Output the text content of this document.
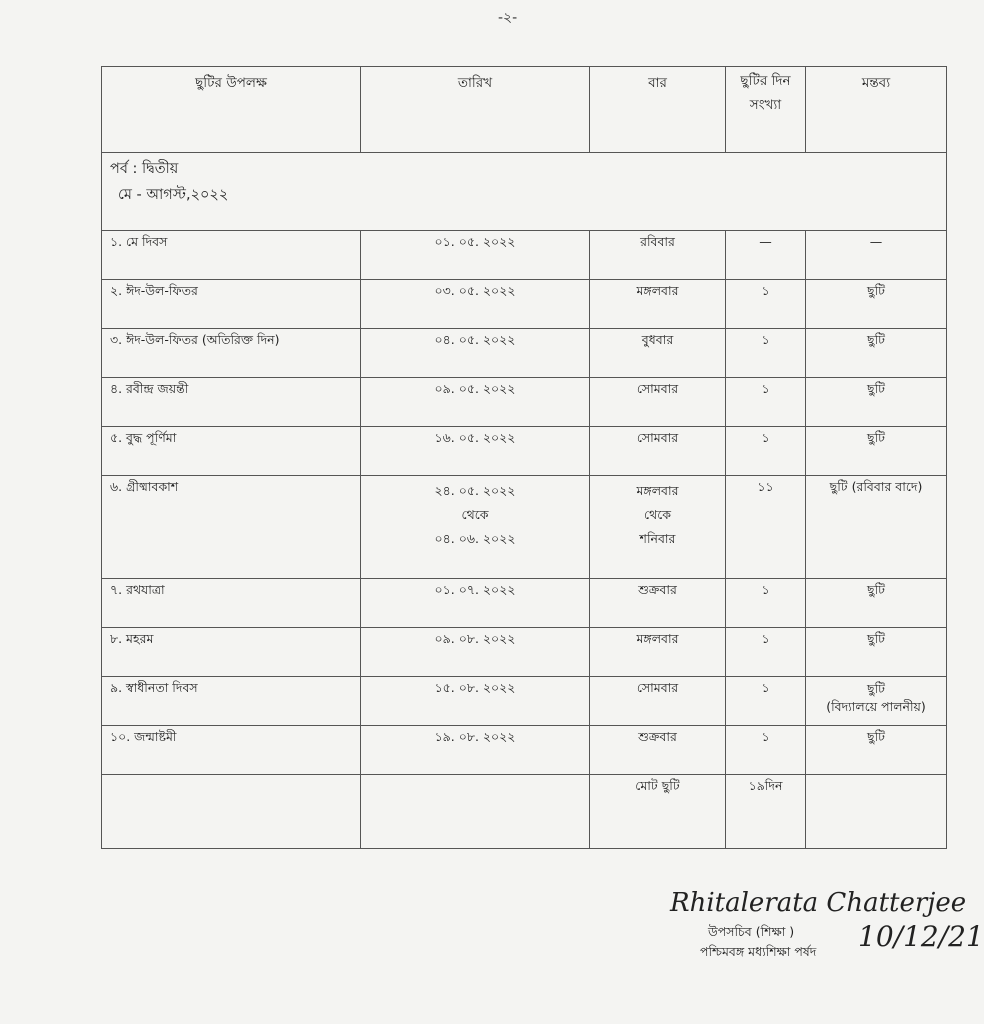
-২-
ছুটির উপলক্ষ	তারিখ	বার	ছুটির দিন সংখ্যা	মন্তব্য

পর্ব : দ্বিতীয়
মে - আগস্ট,২০২২				

১. মে দিবস	০১. ০৫. ২০২২	রবিবার	—	—
২. ঈদ-উল-ফিতর	০৩. ০৫. ২০২২	মঙ্গলবার	১	ছুটি
৩. ঈদ-উল-ফিতর (অতিরিক্ত দিন)	০৪. ০৫. ২০২২	বুধবার	১	ছুটি
৪. রবীন্দ্র জয়ন্তী	০৯. ০৫. ২০২২	সোমবার	১	ছুটি
৫. বুদ্ধ পূর্ণিমা	১৬. ০৫. ২০২২	সোমবার	১	ছুটি
৬. গ্রীষ্মাবকাশ	২৪. ০৫. ২০২২
থেকে
০৪. ০৬. ২০২২	মঙ্গলবার
থেকে
শনিবার	১১	ছুটি (রবিবার বাদে)
৭. রথযাত্রা	০১. ০৭. ২০২২	শুক্রবার	১	ছুটি
৮. মহরম	০৯. ০৮. ২০২২	মঙ্গলবার	১	ছুটি
৯. স্বাধীনতা দিবস	১৫. ০৮. ২০২২	সোমবার	১	ছুটি
(বিদ্যালয়ে পালনীয়)

১০. জন্মাষ্টমী	১৯. ০৮. ২০২২	শুক্রবার	১	ছুটি
		মোট ছুটি	১৯দিন	
Rhitalerata Chatterjee
10/12/21
উপসচিব (শিক্ষা )
পশ্চিমবঙ্গ মধ্যশিক্ষা পর্ষদ
